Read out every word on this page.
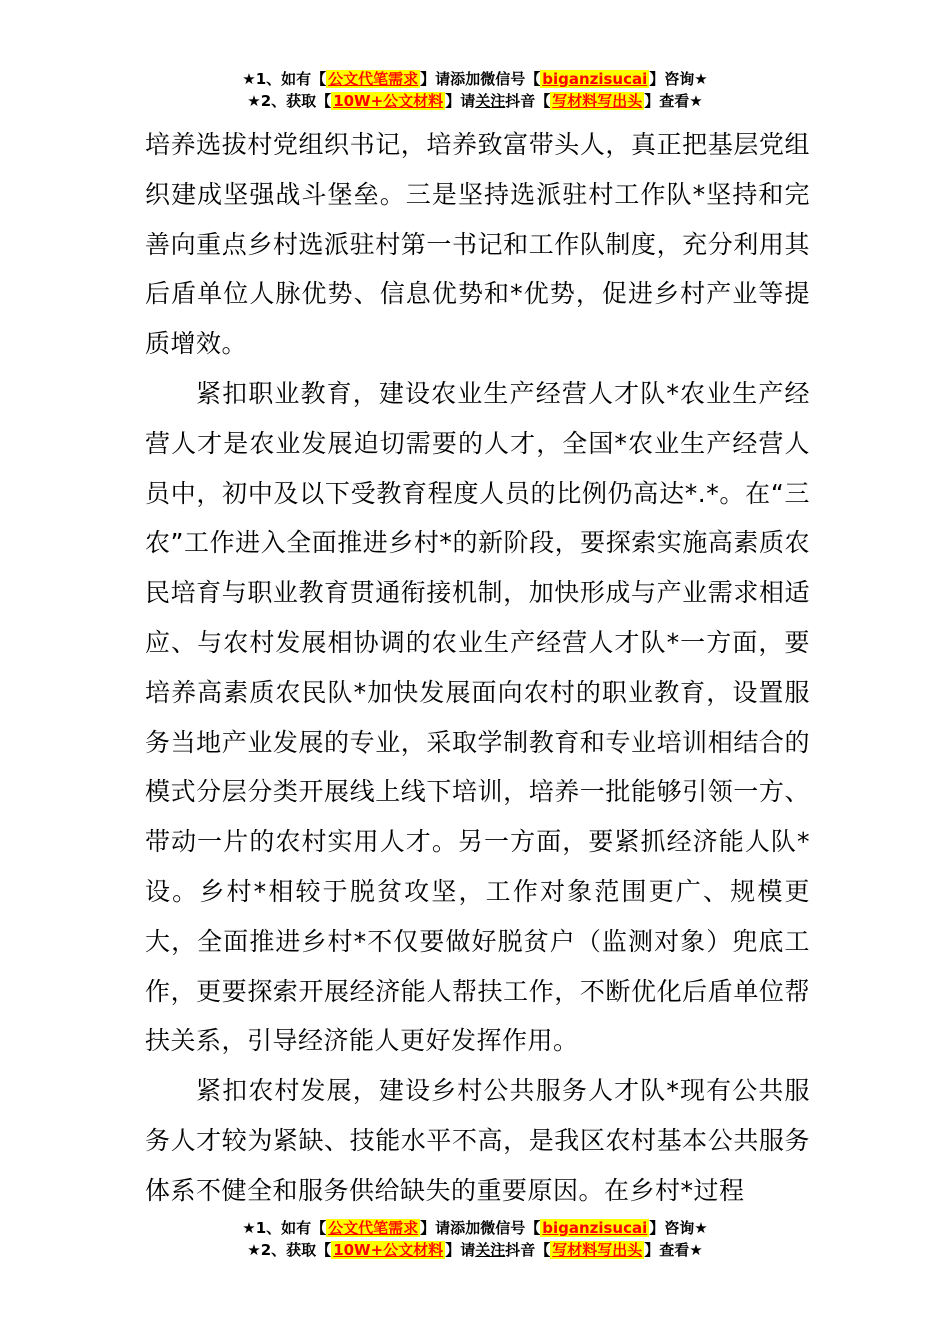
★1、如有【 公文代笔需求 】请添加微信号【 biganzisucai 】咨询★
★2、获取【 10W+公文材料 】请关注抖音【 写材料写出头 】查看★

培养选拔村党组织书记，培养致富带头人，真正把基层党组织建成坚强战斗堡垒。三是坚持选派驻村工作队*坚持和完善向重点乡村选派驻村第一书记和工作队制度，充分利用其后盾单位人脉优势、信息优势和*优势，促进乡村产业等提质增效。

紧扣职业教育，建设农业生产经营人才队*农业生产经营人才是农业发展迫切需要的人才，全国*农业生产经营人员中，初中及以下受教育程度人员的比例仍高达*.*。在“三农”工作进入全面推进乡村*的新阶段，要探索实施高素质农民培育与职业教育贯通衔接机制，加快形成与产业需求相适应、与农村发展相协调的农业生产经营人才队*一方面，要培养高素质农民队*加快发展面向农村的职业教育，设置服务当地产业发展的专业，采取学制教育和专业培训相结合的模式分层分类开展线上线下培训，培养一批能够引领一方、带动一片的农村实用人才。另一方面，要紧抓经济能人队*设。乡村*相较于脱贫攻坚，工作对象范围更广、规模更大，全面推进乡村*不仅要做好脱贫户（监测对象）兜底工作，更要探索开展经济能人帮扶工作，不断优化后盾单位帮扶关系，引导经济能人更好发挥作用。

紧扣农村发展，建设乡村公共服务人才队*现有公共服务人才较为紧缺、技能水平不高，是我区农村基本公共服务体系不健全和服务供给缺失的重要原因。在乡村*过程

★1、如有【 公文代笔需求 】请添加微信号【 biganzisucai 】咨询★
★2、获取【 10W+公文材料 】请关注抖音【 写材料写出头 】查看★
